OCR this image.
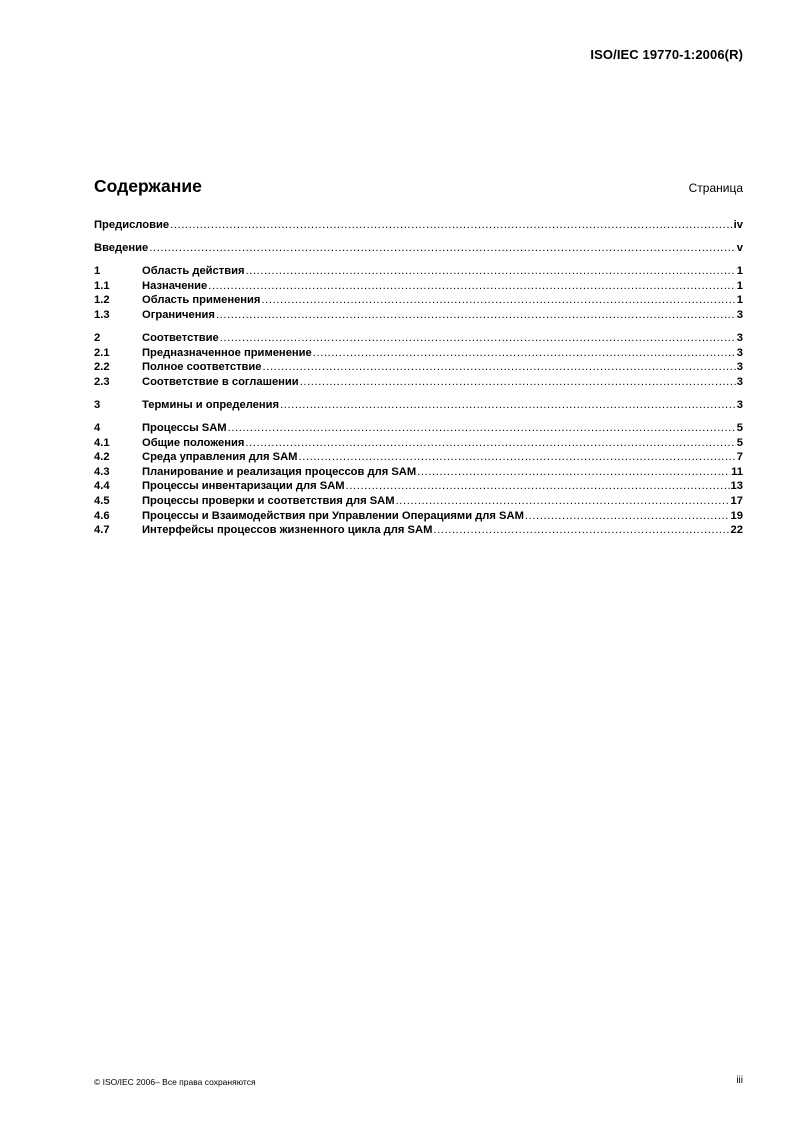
ISO/IEC 19770-1:2006(R)
Содержание	Страница
Предисловие .....	iv
Введение .....	v
1	Область действия .....	1
1.1	Назначение .....	1
1.2	Область применения .....	1
1.3	Ограничения .....	3
2	Соответствие .....	3
2.1	Предназначенное применение .....	3
2.2	Полное соответствие .....	3
2.3	Соответствие в соглашении .....	3
3	Термины и определения .....	3
4	Процессы SAM .....	5
4.1	Общие положения .....	5
4.2	Среда управления для SAM .....	7
4.3	Планирование и реализация процессов для SAM .....	11
4.4	Процессы инвентаризации для SAM .....	13
4.5	Процессы проверки и соответствия для SAM .....	17
4.6	Процессы и Взаимодействия при Управлении Операциями для SAM .....	19
4.7	Интерфейсы процессов жизненного цикла для SAM .....	22
© ISO/IEC 2006– Все права сохраняются	iii
